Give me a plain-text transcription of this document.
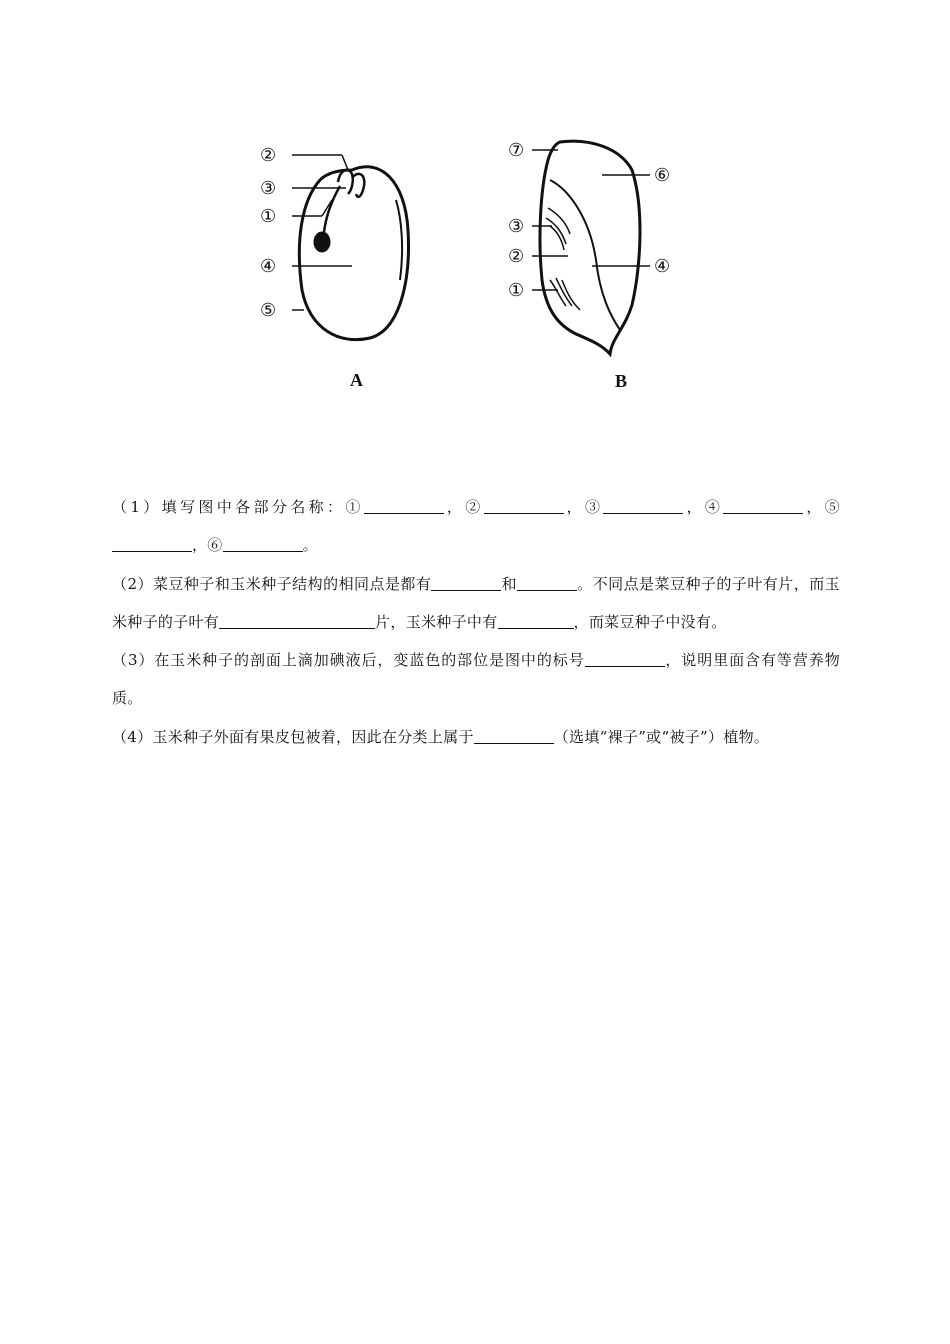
②
③
①
④
⑤
A
⑦
⑥
③
②
①
④
B

（1）填写图中各部分名称：①	，②	，③	，④	，⑤，⑥	。

（2）菜豆种子和玉米种子结构的相同点是都有	和	。不同点是菜豆种子的子叶有片，而玉米种子的子叶有	片，玉米种子中有	，而菜豆种子中没有。

（3）在玉米种子的剖面上滴加碘液后，变蓝色的部位是图中的标号	，说明里面含有等营养物质。

（4）玉米种子外面有果皮包被着，因此在分类上属于	（选填“裸子”或“被子”）植物。
